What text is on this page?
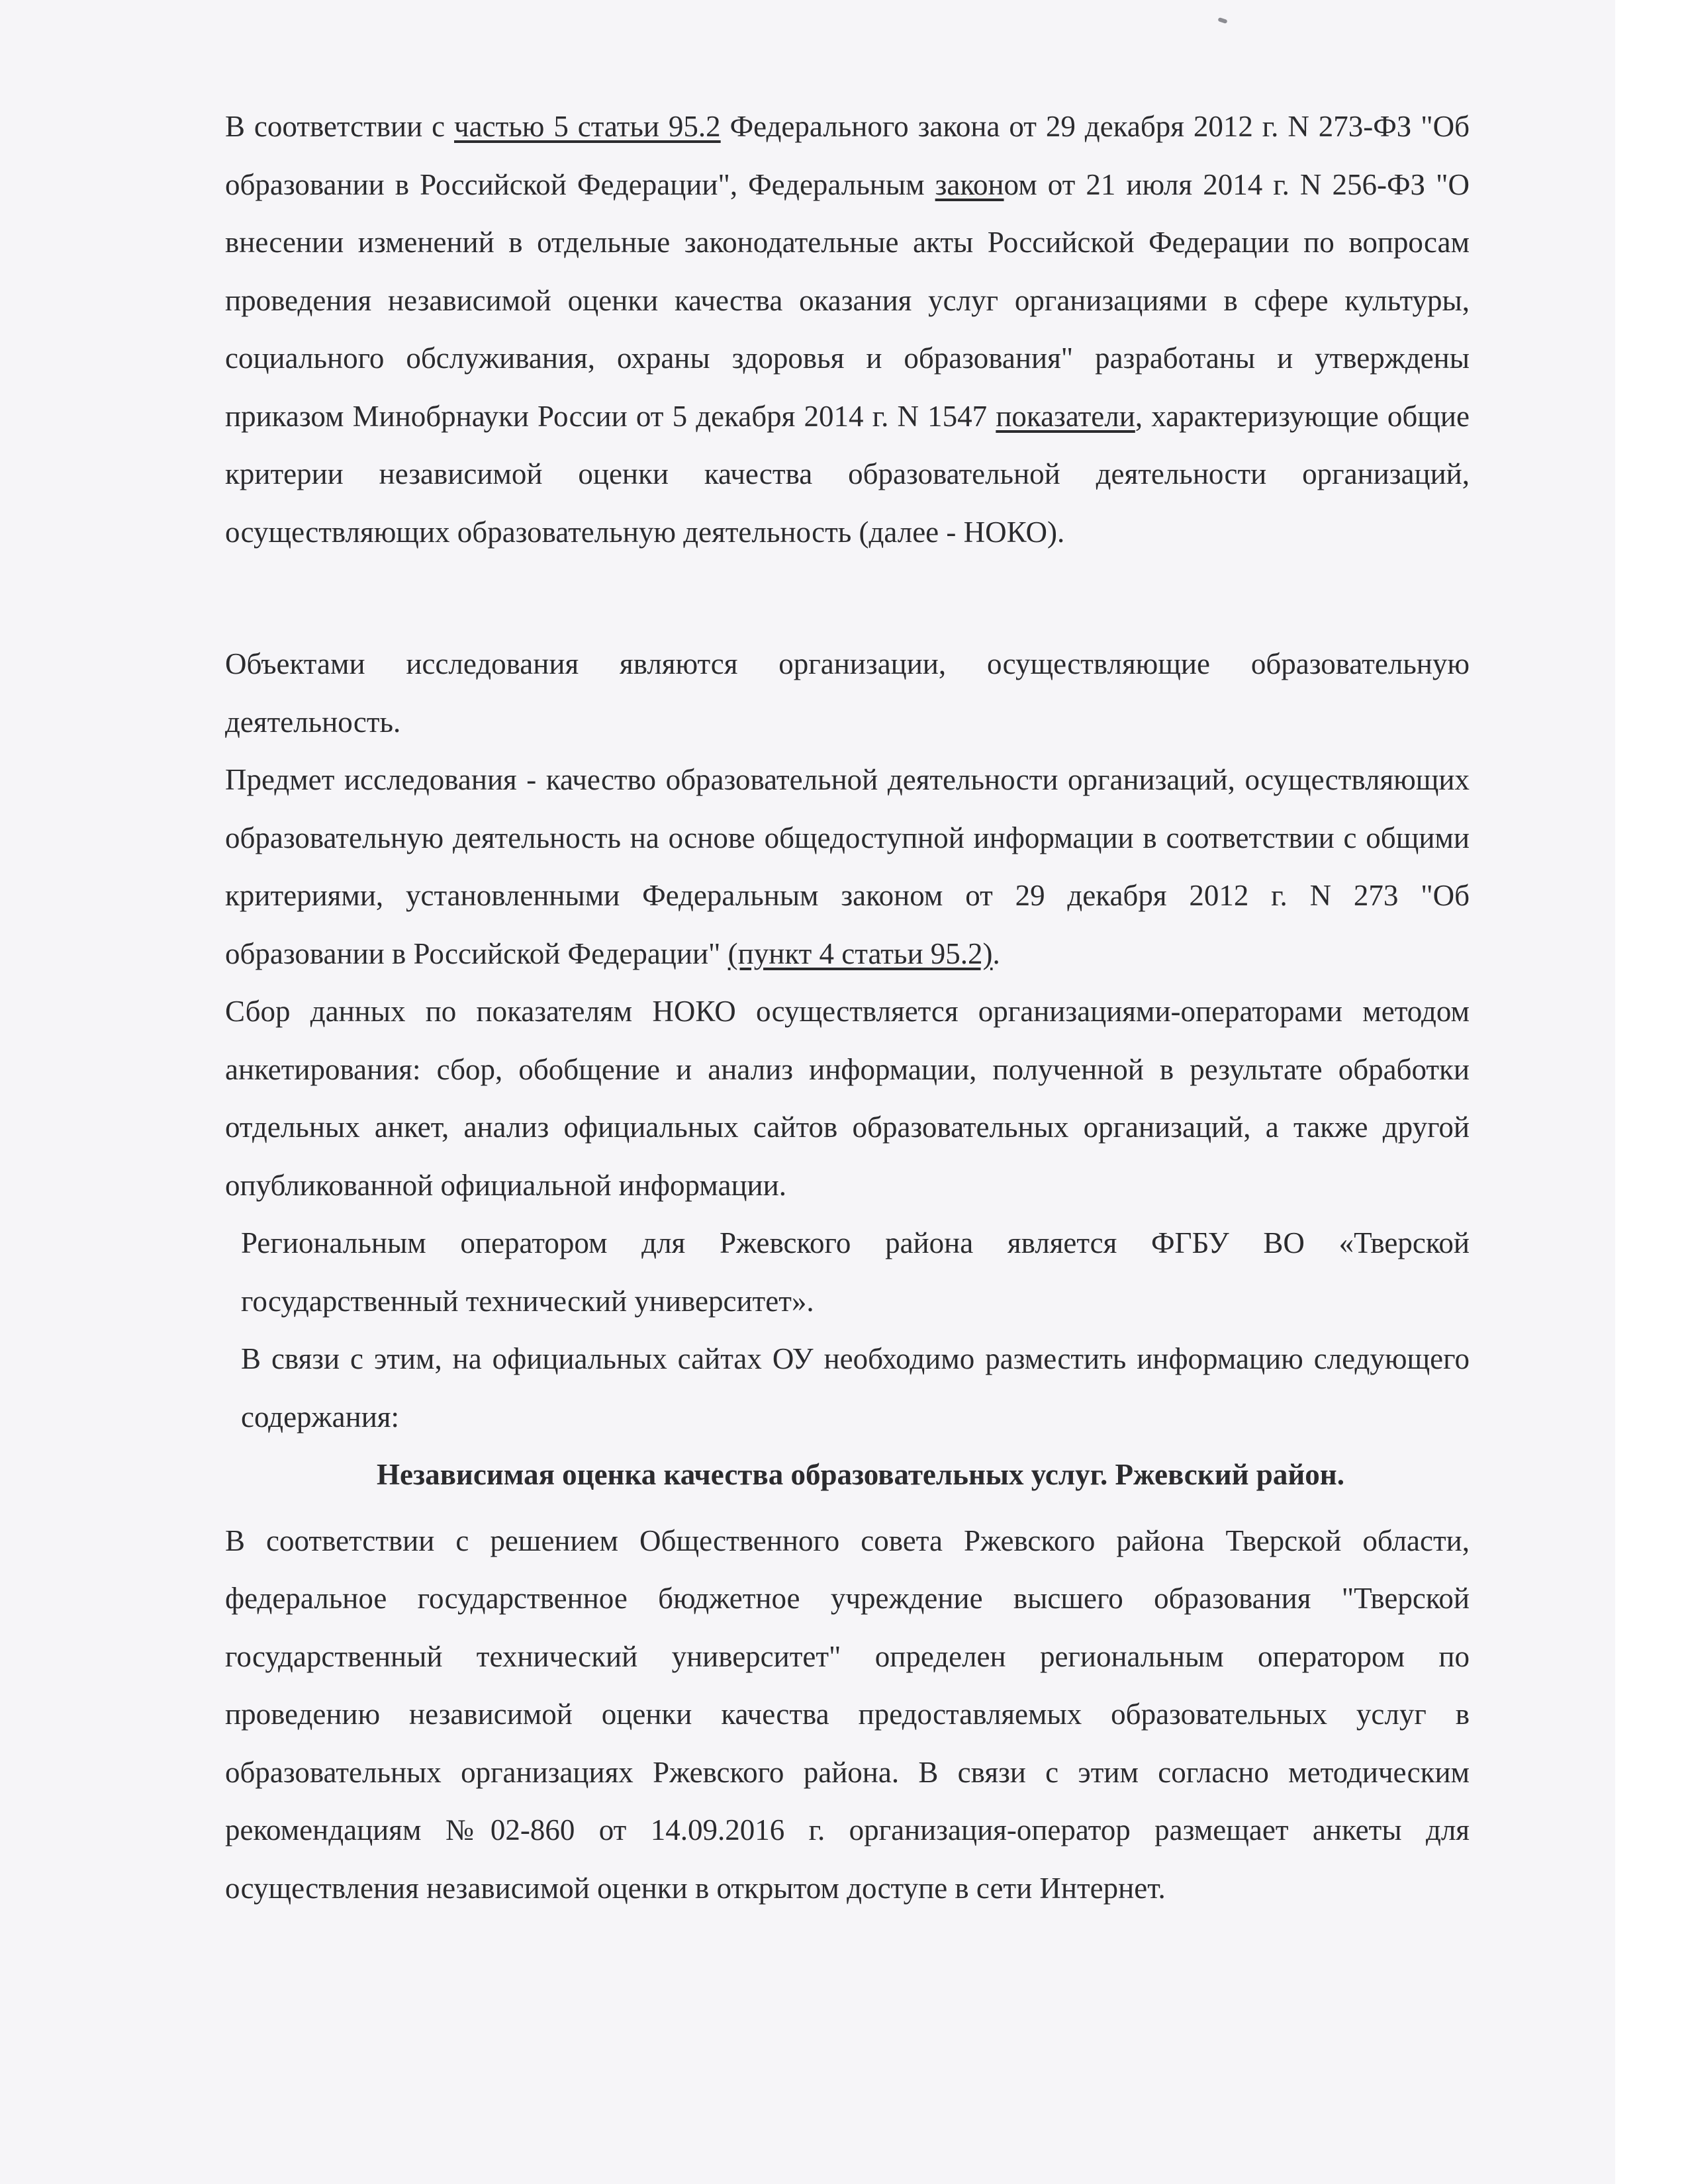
В соответствии с частью 5 статьи 95.2 Федерального закона от 29 декабря 2012 г. N 273-ФЗ "Об образовании в Российской Федерации", Федеральным законом от 21 июля 2014 г. N 256-ФЗ "О внесении изменений в отдельные законодательные акты Российской Федерации по вопросам проведения независимой оценки качества оказания услуг организациями в сфере культуры, социального обслуживания, охраны здоровья и образования" разработаны и утверждены приказом Минобрнауки России от 5 декабря 2014 г. N 1547 показатели, характеризующие общие критерии независимой оценки качества образовательной деятельности организаций, осуществляющих образовательную деятельность (далее - НОКО).

Объектами исследования являются организации, осуществляющие образовательную деятельность.

Предмет исследования - качество образовательной деятельности организаций, осуществляющих образовательную деятельность на основе общедоступной информации в соответствии с общими критериями, установленными Федеральным законом от 29 декабря 2012 г. N 273 "Об образовании в Российской Федерации" (пункт 4 статьи 95.2).

Сбор данных по показателям НОКО осуществляется организациями-операторами методом анкетирования: сбор, обобщение и анализ информации, полученной в результате обработки отдельных анкет, анализ официальных сайтов образовательных организаций, а также другой опубликованной официальной информации.

Региональным оператором для Ржевского района является ФГБУ ВО «Тверской государственный технический университет».

В связи с этим, на официальных сайтах ОУ необходимо разместить информацию следующего содержания:

Независимая оценка качества образовательных услуг. Ржевский район.

В соответствии с решением Общественного совета Ржевского района Тверской области, федеральное государственное бюджетное учреждение высшего образования "Тверской государственный технический университет" определен региональным оператором по проведению независимой оценки качества предоставляемых образовательных услуг в образовательных организациях Ржевского района. В связи с этим согласно методическим рекомендациям №02-860 от 14.09.2016 г. организация-оператор размещает анкеты для осуществления независимой оценки в открытом доступе в сети Интернет.
